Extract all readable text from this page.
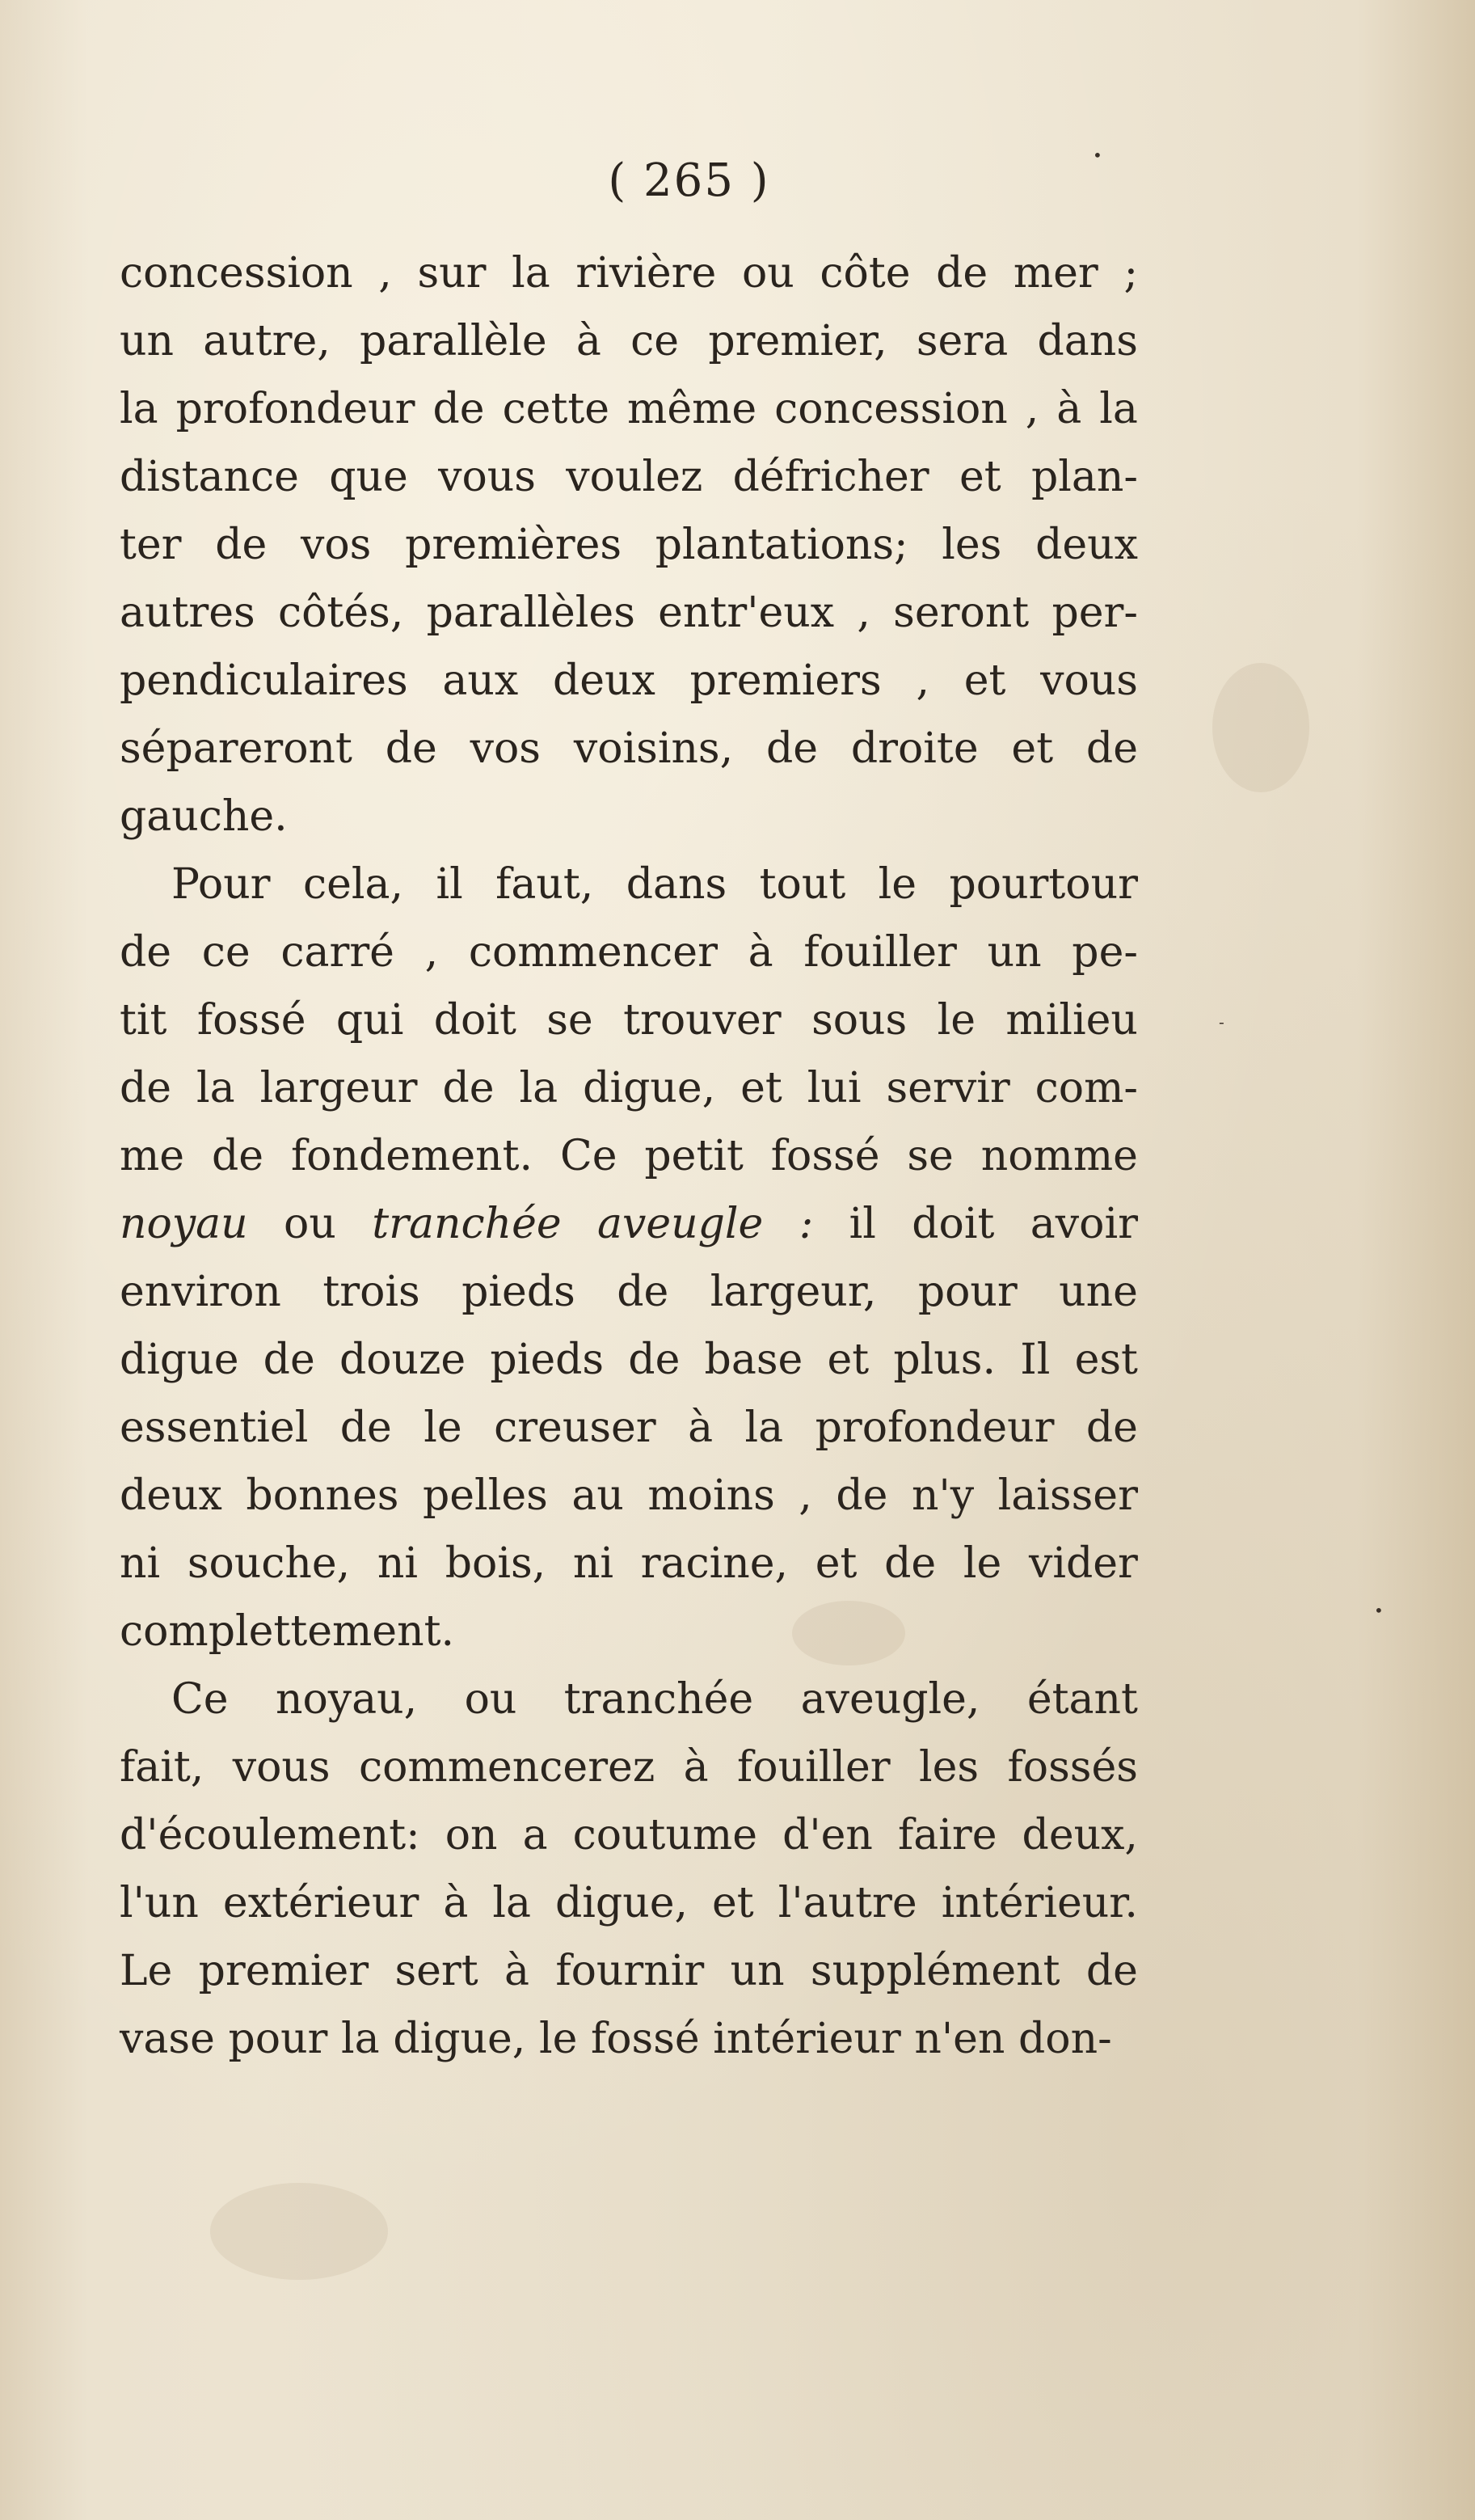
•
•
-
( 265 )
concession , sur la rivière ou côte de mer ;
un autre, parallèle à ce premier, sera dans
la profondeur de cette même concession , à la
distance que vous voulez défricher et plan-
ter de vos premières plantations; les deux
autres côtés, parallèles entr'eux , seront per-
pendiculaires aux deux premiers , et vous
sépareront de vos voisins, de droite et de
gauche.
Pour cela, il faut, dans tout le pourtour
de ce carré , commencer à fouiller un pe-
tit fossé qui doit se trouver sous le milieu
de la largeur de la digue, et lui servir com-
me de fondement. Ce petit fossé se nomme
noyau ou tranchée aveugle : il doit avoir
environ trois pieds de largeur, pour une
digue de douze pieds de base et plus. Il est
essentiel de le creuser à la profondeur de
deux bonnes pelles au moins , de n'y laisser
ni souche, ni bois, ni racine, et de le vider
complettement.
Ce noyau, ou tranchée aveugle, étant
fait, vous commencerez à fouiller les fossés
d'écoulement: on a coutume d'en faire deux,
l'un extérieur à la digue, et l'autre intérieur.
Le premier sert à fournir un supplément de
vase pour la digue, le fossé intérieur n'en don-
